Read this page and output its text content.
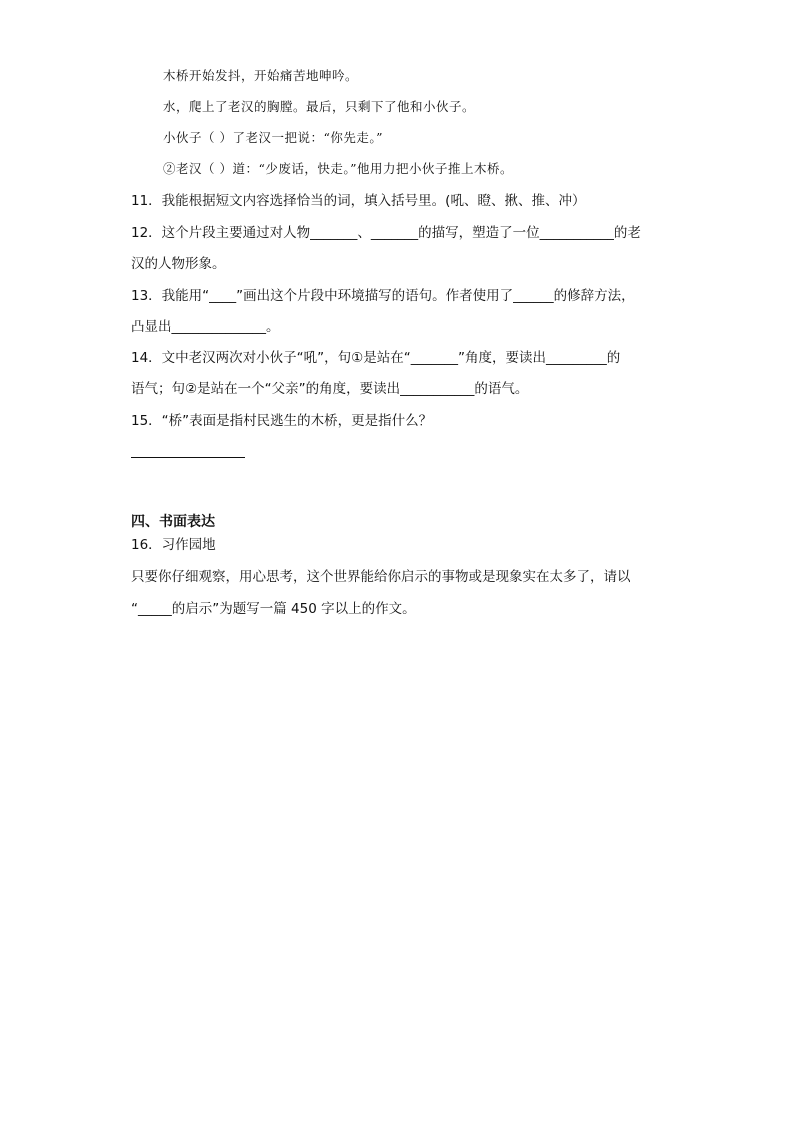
木桥开始发抖，开始痛苦地呻吟。
水，爬上了老汉的胸膛。最后，只剩下了他和小伙子。
小伙子（ ）了老汉一把说：“你先走。”
②老汉（ ）道：“少废话，快走。”他用力把小伙子推上木桥。
11．我能根据短文内容选择恰当的词，填入括号里。(吼、瞪、揪、推、冲）
12．这个片段主要通过对人物_______、_______的描写，塑造了一位___________的老
汉的人物形象。
13．我能用“____”画出这个片段中环境描写的语句。作者使用了______的修辞方法，
凸显出______________。
14．文中老汉两次对小伙子“吼”，句①是站在“_______”角度，要读出_________的
语气；句②是站在一个“父亲”的角度，要读出___________的语气。
15．“桥”表面是指村民逃生的木桥，更是指什么？
四、书面表达
16．习作园地
只要你仔细观察，用心思考，这个世界能给你启示的事物或是现象实在太多了，请以
“_____的启示”为题写一篇 450 字以上的作文。
